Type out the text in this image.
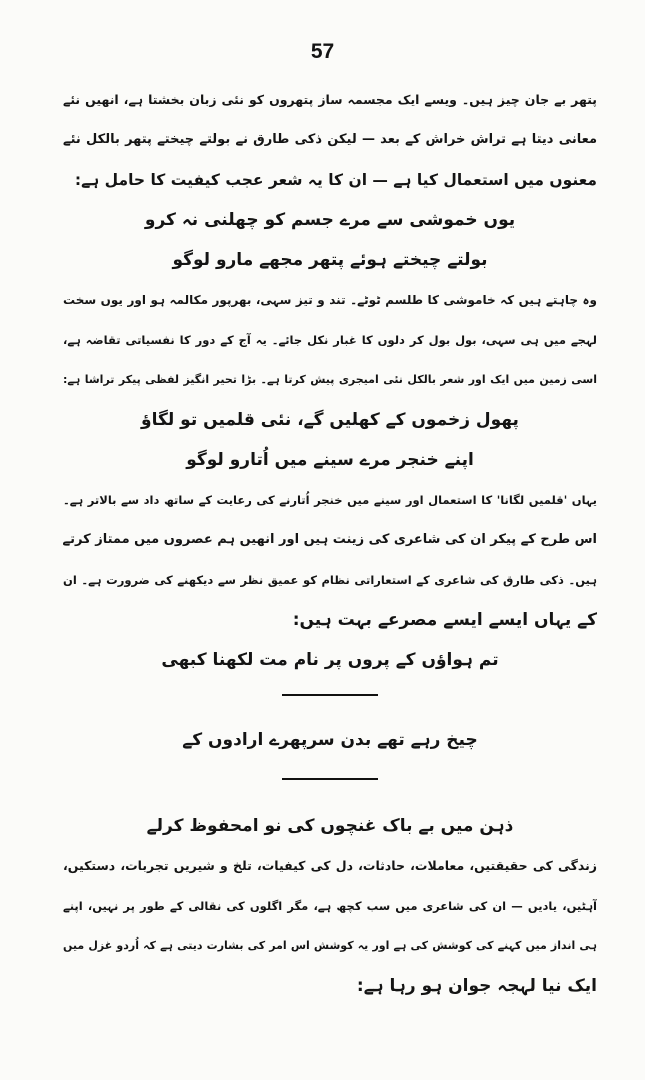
57
پتھر بے جان چیز ہیں۔ ویسے ایک مجسمہ ساز پتھروں کو نئی زبان بخشتا ہے، انھیں نئے
معانی دیتا ہے تراش خراش کے بعد — لیکن ذکی طارق نے بولتے چیختے پتھر بالکل نئے
معنوں میں استعمال کیا ہے — ان کا یہ شعر عجب کیفیت کا حامل ہے:
یوں خموشی سے مرے جسم کو چھلنی نہ کرو
بولتے چیختے ہوئے پتھر مجھے مارو لوگو
وہ چاہتے ہیں کہ خاموشی کا طلسم ٹوٹے۔ تند و تیز سہی، بھرپور مکالمہ ہو اور یوں سخت
لہجے میں ہی سہی، بول بول کر دلوں کا غبار نکل جائے۔ یہ آج کے دور کا نفسیاتی تقاضہ ہے،
اسی زمین میں ایک اور شعر بالکل نئی امیجری پیش کرتا ہے۔ بڑا تحیر انگیز لفظی پیکر تراشا ہے:
پھول زخموں کے کھلیں گے، نئی قلمیں تو لگاؤ
اپنے خنجر مرے سینے میں اُتارو لوگو
یہاں 'قلمیں لگانا' کا استعمال اور سینے میں خنجر اُتارنے کی رعایت کے ساتھ داد سے بالاتر ہے۔
اس طرح کے پیکر ان کی شاعری کی زینت ہیں اور انھیں ہم عصروں میں ممتاز کرتے
ہیں۔ ذکی طارق کی شاعری کے استعاراتی نظام کو عمیق نظر سے دیکھنے کی ضرورت ہے۔ ان
کے یہاں ایسے ایسے مصرعے بہت ہیں:
تم ہواؤں کے پروں پر نام مت لکھنا کبھی
چیخ رہے تھے بدن سرپھرے ارادوں کے
ذہن میں بے باک غنچوں کی نو امحفوظ کرلے
زندگی کی حقیقتیں، معاملات، حادثات، دل کی کیفیات، تلخ و شیریں تجربات، دستکیں،
آہٹیں، یادیں — ان کی شاعری میں سب کچھ ہے، مگر اگلوں کی نقالی کے طور پر نہیں، اپنے
ہی انداز میں کہنے کی کوشش کی ہے اور یہ کوشش اس امر کی بشارت دیتی ہے کہ اُردو غزل میں
ایک نیا لہجہ جوان ہو رہا ہے:
